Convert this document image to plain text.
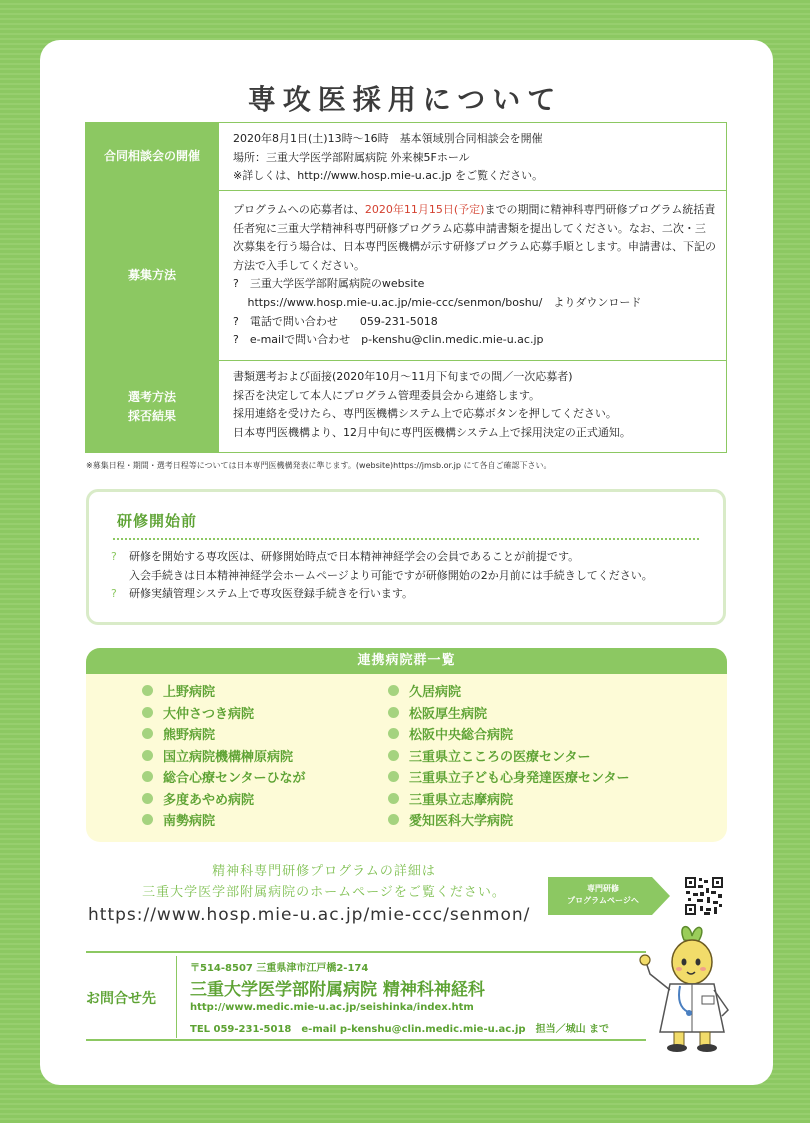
専攻医採用について
合同相談会の開催
2020年8月1日(土)13時〜16時　基本領域別合同相談会を開催
場所：三重大学医学部附属病院 外来棟5Fホール
※詳しくは、http://www.hosp.mie-u.ac.jp をご覧ください。
募集方法
プログラムへの応募者は、2020年11月15日(予定)までの期間に精神科専門研修プログラム統括責任者宛に三重大学精神科専門研修プログラム応募申請書類を提出してください。なお、二次・三次募集を行う場合は、日本専門医機構が示す研修プログラム応募手順とします。申請書は、下記の方法で入手してください。
?　三重大学医学部附属病院のwebsite
　 https://www.hosp.mie-u.ac.jp/mie-ccc/senmon/boshu/　よりダウンロード
?　電話で問い合わせ　　059-231-5018
?　e-mailで問い合わせ　p-kenshu@clin.medic.mie-u.ac.jp
選考方法
採否結果
書類選考および面接(2020年10月〜11月下旬までの間／一次応募者)
採否を決定して本人にプログラム管理委員会から連絡します。
採用連絡を受けたら、専門医機構システム上で応募ボタンを押してください。
日本専門医機構より、12月中旬に専門医機構システム上で採用決定の正式通知。
※募集日程・期間・選考日程等については日本専門医機構発表に準じます。(website)https://jmsb.or.jp にて各自ご確認下さい。
研修開始前
? 研修を開始する専攻医は、研修開始時点で日本精神神経学会の会員であることが前提です。
入会手続きは日本精神神経学会ホームページより可能ですが研修開始の2か月前には手続きしてください。
? 研修実績管理システム上で専攻医登録手続きを行います。
連携病院群一覧
上野病院
大仲さつき病院
熊野病院
国立病院機構榊原病院
総合心療センターひなが
多度あやめ病院
南勢病院
久居病院
松阪厚生病院
松阪中央総合病院
三重県立こころの医療センター
三重県立子ども心身発達医療センター
三重県立志摩病院
愛知医科大学病院
精神科専門研修プログラムの詳細は
三重大学医学部附属病院のホームページをご覧ください。
https://www.hosp.mie-u.ac.jp/mie-ccc/senmon/
専門研修
プログラムページへ
お問合せ先
〒514-8507 三重県津市江戸橋2-174
三重大学医学部附属病院 精神科神経科
http://www.medic.mie-u.ac.jp/seishinka/index.htm
TEL 059-231-5018　e-mail p-kenshu@clin.medic.mie-u.ac.jp　担当／城山 まで
